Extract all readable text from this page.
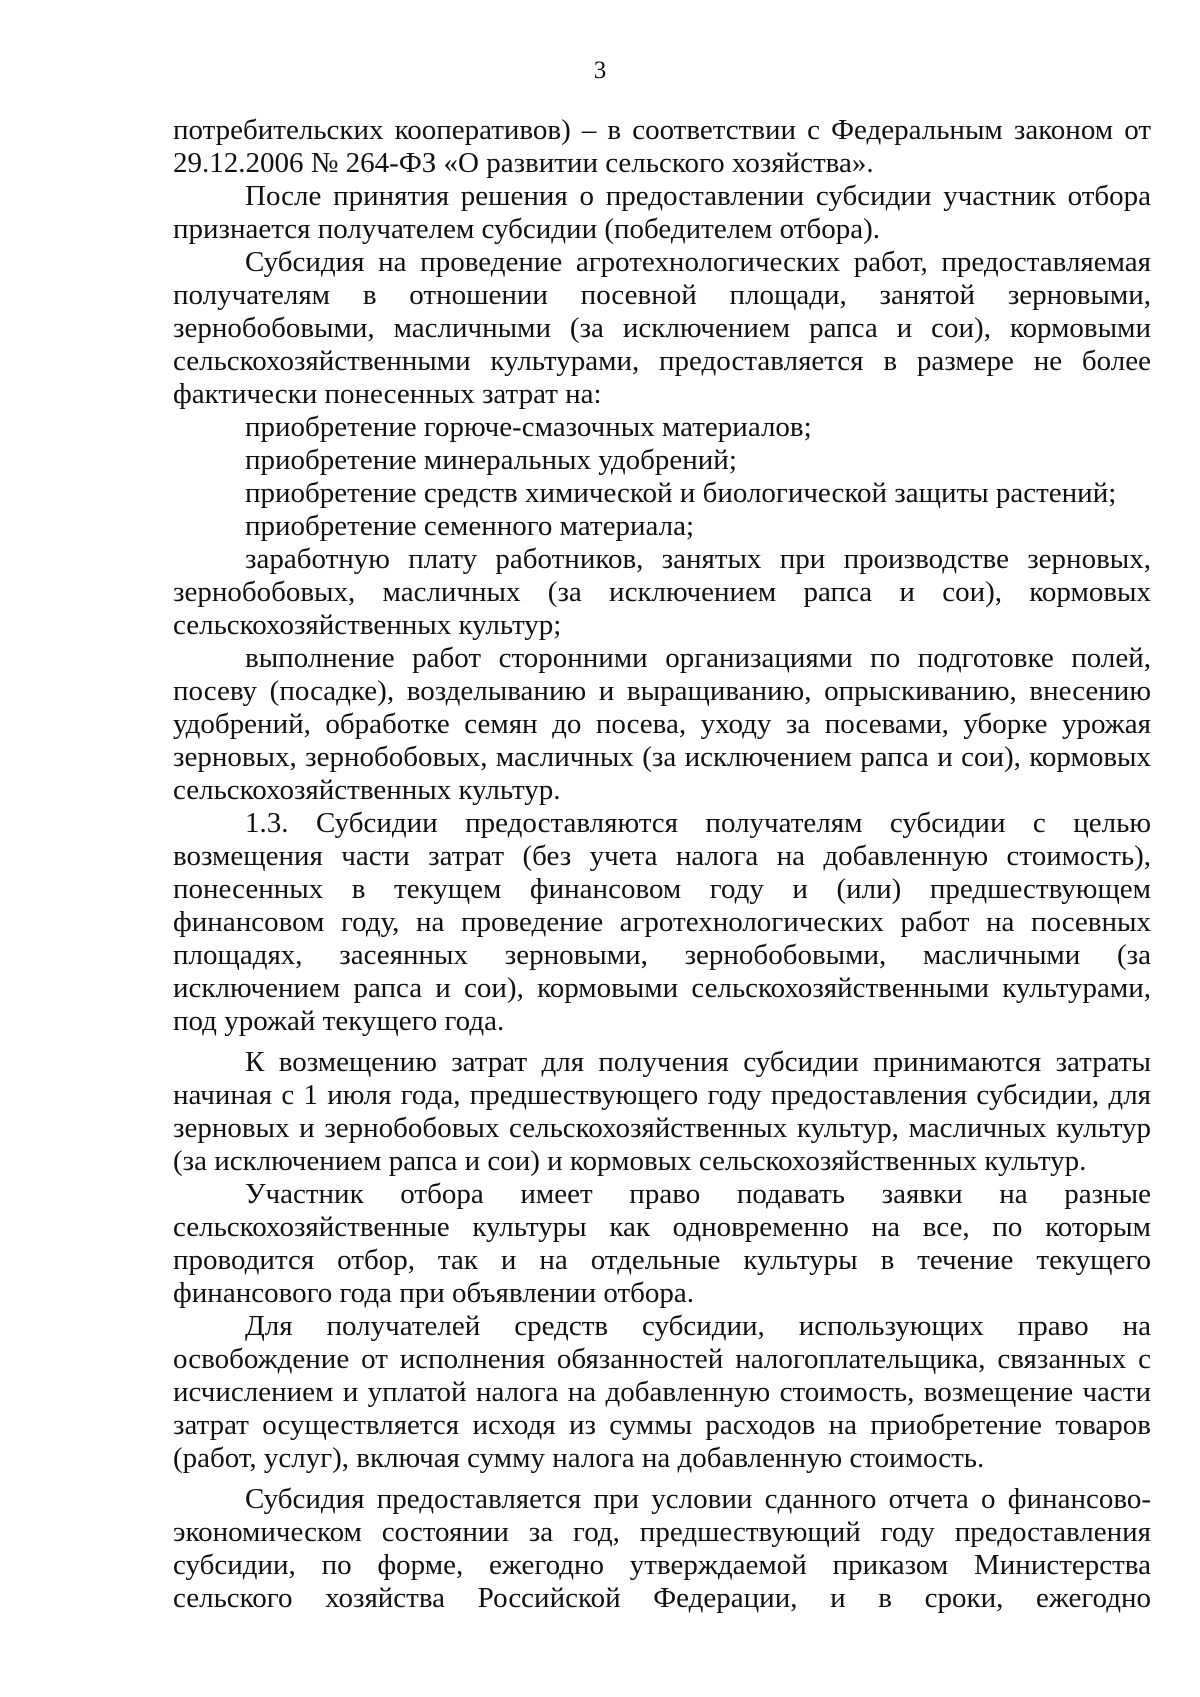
3

потребительских кооперативов) – в соответствии с Федеральным законом от 29.12.2006 № 264-ФЗ «О развитии сельского хозяйства».

После принятия решения о предоставлении субсидии участник отбора признается получателем субсидии (победителем отбора).

Субсидия на проведение агротехнологических работ, предоставляемая получателям в отношении посевной площади, занятой зерновыми, зернобобовыми, масличными (за исключением рапса и сои), кормовыми сельскохозяйственными культурами, предоставляется в размере не более фактически понесенных затрат на:

приобретение горюче-смазочных материалов;

приобретение минеральных удобрений;

приобретение средств химической и биологической защиты растений;

приобретение семенного материала;

заработную плату работников, занятых при производстве зерновых, зернобобовых, масличных (за исключением рапса и сои), кормовых сельскохозяйственных культур;

выполнение работ сторонними организациями по подготовке полей, посеву (посадке), возделыванию и выращиванию, опрыскиванию, внесению удобрений, обработке семян до посева, уходу за посевами, уборке урожая зерновых, зернобобовых, масличных (за исключением рапса и сои), кормовых сельскохозяйственных культур.

1.3. Субсидии предоставляются получателям субсидии с целью возмещения части затрат (без учета налога на добавленную стоимость), понесенных в текущем финансовом году и (или) предшествующем финансовом году, на проведение агротехнологических работ на посевных площадях, засеянных зерновыми, зернобобовыми, масличными (за исключением рапса и сои), кормовыми сельскохозяйственными культурами, под урожай текущего года.

К возмещению затрат для получения субсидии принимаются затраты начиная с 1 июля года, предшествующего году предоставления субсидии, для зерновых и зернобобовых сельскохозяйственных культур, масличных культур (за исключением рапса и сои) и кормовых сельскохозяйственных культур.

Участник отбора имеет право подавать заявки на разные сельскохозяйственные культуры как одновременно на все, по которым проводится отбор, так и на отдельные культуры в течение текущего финансового года при объявлении отбора.

Для получателей средств субсидии, использующих право на освобождение от исполнения обязанностей налогоплательщика, связанных с исчислением и уплатой налога на добавленную стоимость, возмещение части затрат осуществляется исходя из суммы расходов на приобретение товаров (работ, услуг), включая сумму налога на добавленную стоимость.

Субсидия предоставляется при условии сданного отчета о финансово-экономическом состоянии за год, предшествующий году предоставления субсидии, по форме, ежегодно утверждаемой приказом Министерства сельского хозяйства Российской Федерации, и в сроки, ежегодно
